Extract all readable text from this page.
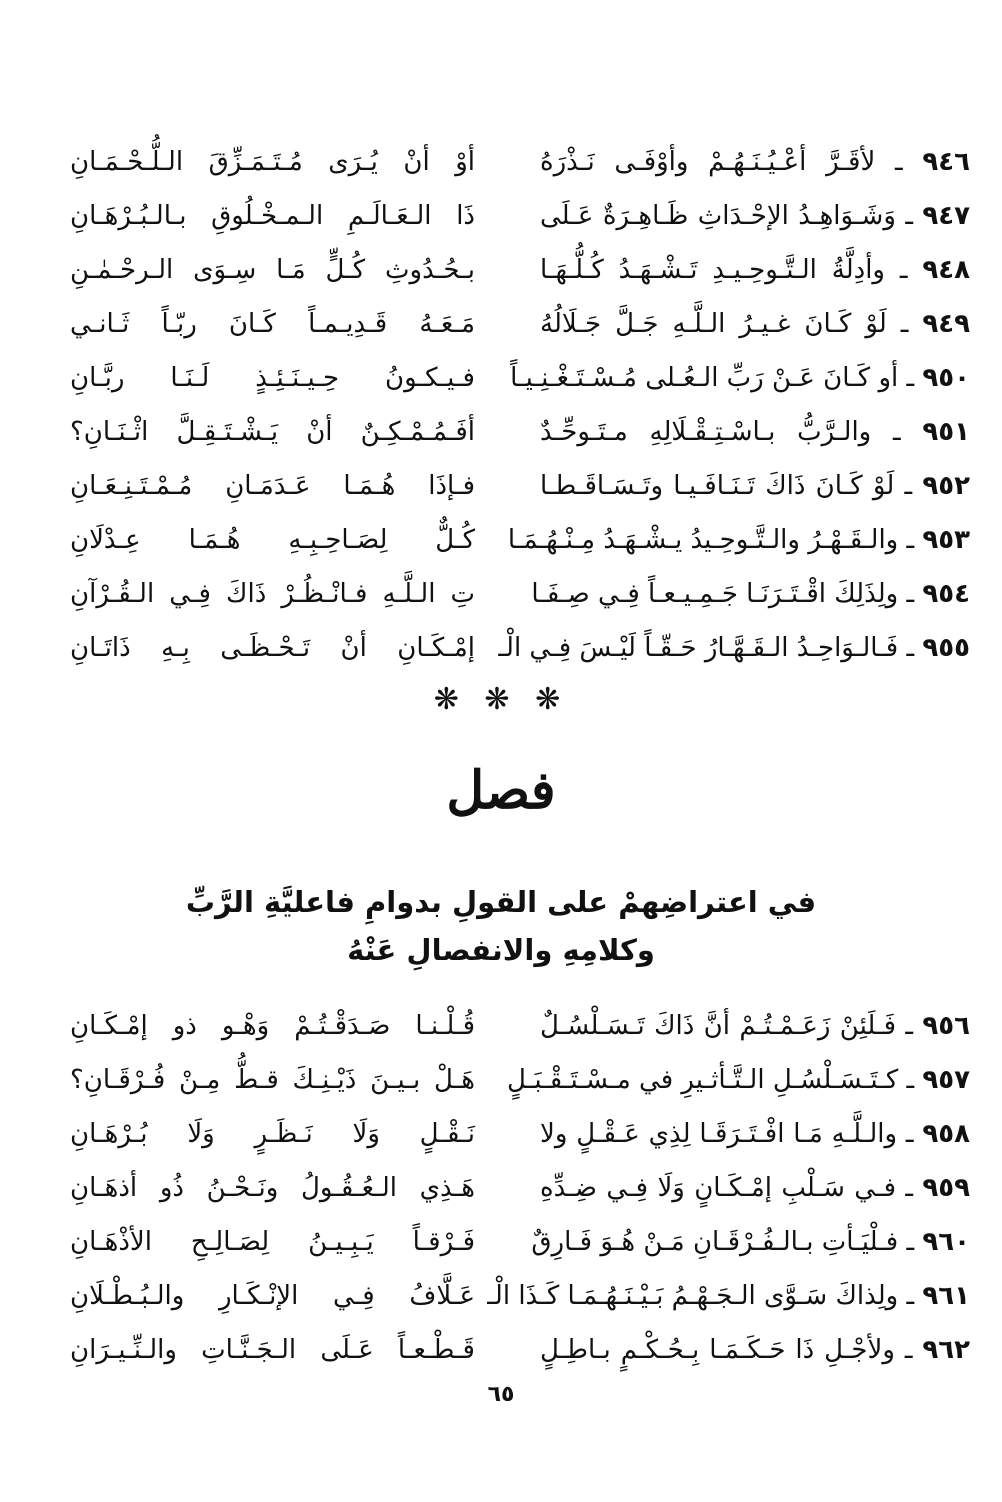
٩٤٦ ـ لأقَـرَّ أعْـيُـنَـهُـمْ وأوْفَـى نَـذْرَهُ
أوْ أنْ يُـرَى مُـتَـمَـزِّقَ الـلُّـحْـمَـانِ
٩٤٧ ـ وَشَـوَاهِـدُ الإحْـدَاثِ ظَـاهِـرَةٌ عَـلَى
ذَا الـعَـالَـمِ الـمـخْـلُوقِ بـالـبُـرْهَـانِ
٩٤٨ ـ وأدِلَّةُ الـتَّـوحِـيـدِ تَـشْـهَـدُ كُـلُّـهَـا
بـحُـدُوثِ كُـلٍّ مَـا سِـوَى الـرحْـمٰـنِ
٩٤٩ ـ لَوْ كَـانَ غـيـرُ الـلَّـهِ جَـلَّ جَـلَالُهُ
مَـعَـهُ قَـدِيـمـاً كَـانَ ربّـاً ثَـانـي
٩٥٠ ـ أو كَـانَ عَـنْ رَبِّ الـعُـلى مُـسْـتَـغْـنِـيـاً
فـيـكـونُ حِـيـنَـئِـذٍ لَـنَـا ربَّـانِ
٩٥١ ـ والـرَّبُّ بـاسْـتِـقْـلَالِهِ مـتَـوحِّـدٌ
أفَـمُـمْـكِـنٌ أنْ يَـشْـتَـقِـلَّ اثْـنَـانِ؟
٩٥٢ ـ لَوْ كَـانَ ذَاكَ تَـنَـافَـيـا وتَـسَـاقَـطـا
فـإذَا هُـمَـا عَـدَمَـانِ مُـمْـتَـنِـعَـانِ
٩٥٣ ـ والـقَـهْـرُ والـتَّـوحِـيدُ يـشْـهَـدُ مِـنْـهُـمَـا
كُـلٌّ لِصَـاحِـبِـهِ هُـمَـا عِـدْلَانِ
٩٥٤ ـ ولِذَلِكَ اقْـتَـرَنَـا جَـمِـيـعـاً فِـي صِـفَـا
تِ الـلَّـهِ فـانْـظُـرْ ذَاكَ فِـي الـقُـرْآنِ
٩٥٥ ـ فَـالـوَاحِـدُ الـقَـهَّـارُ حَـقّـاً لَيْـسَ فِـي الْـ
إمْـكَـانِ أنْ تَـحْـظَـى بِـهِ ذَاتَـانِ
❋ ❋ ❋
فصل
في اعتراضِهمْ على القولِ بدوامِ فاعليَّةِ الرَّبِّ
وكلامِهِ والانفصالِ عَنْهُ
٩٥٦ ـ فَـلَئِنْ زَعَـمْـتُـمْ أنَّ ذَاكَ تَـسَـلْسُـلٌ
قُـلْـنـا صَـدَقْـتُـمْ وَهْـو ذو إمْـكَـانِ
٩٥٧ ـ كـتَـسَـلْسُـلِ الـتَّـأثـيرِ في مـسْـتَـقْـبَـلٍ
هَـلْ بـيـنَ ذَيْـنِـكَ قـطُّ مِـنْ فُـرْقَـانِ؟
٩٥٨ ـ والـلَّـهِ مَـا افْـتَـرَقَـا لِذِي عَـقْـلٍ ولا
نَـقْـلٍ وَلَا نَـظَـرٍ وَلَا بُـرْهَـانِ
٩٥٩ ـ فـي سَـلْبِ إمْـكَـانٍ وَلَا فِـي ضِـدِّهِ
هَـذِي الـعُـقُـولُ ونَـحْـنُ ذُو أذهَـانِ
٩٦٠ ـ فـلْيَـأتِ بـالـفُـرْقَـانِ مَـنْ هُـوَ فَـارِقٌ
فَـرْقـاً يَـبِـيـنُ لِصَـالِـحِ الأذْهَـانِ
٩٦١ ـ ولِذاكَ سَـوَّى الـجَـهْـمُ بَـيْـنَـهُـمَـا كَـذَا الْـ
عَـلَّافُ فِـي الإنْـكَـارِ والـبُـطْـلَانِ
٩٦٢ ـ ولأجْـلِ ذَا حَـكَـمَـا بِـحُـكْـمٍ بـاطِـلٍ
قَـطْـعـاً عَـلَى الـجَـنَّـاتِ والـنِّـيـرَانِ
٦٥
